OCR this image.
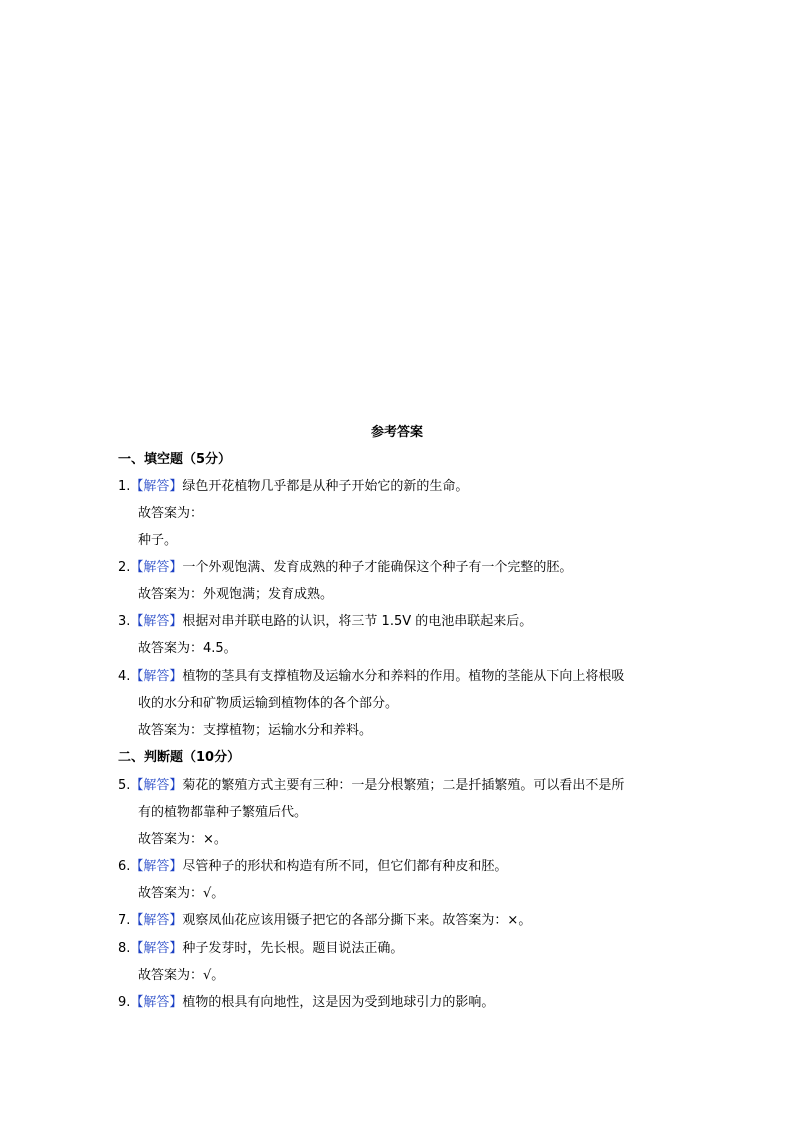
参考答案
一、填空题（5分）
1.【解答】绿色开花植物几乎都是从种子开始它的新的生命。
故答案为：
种子。
2.【解答】一个外观饱满、发育成熟的种子才能确保这个种子有一个完整的胚。
故答案为：外观饱满；发育成熟。
3.【解答】根据对串并联电路的认识，将三节 1.5V 的电池串联起来后。
故答案为：4.5。
4.【解答】植物的茎具有支撑植物及运输水分和养料的作用。植物的茎能从下向上将根吸
收的水分和矿物质运输到植物体的各个部分。
故答案为：支撑植物；运输水分和养料。
二、判断题（10分）
5.【解答】菊花的繁殖方式主要有三种：一是分根繁殖；二是扦插繁殖。可以看出不是所
有的植物都靠种子繁殖后代。
故答案为：×。
6.【解答】尽管种子的形状和构造有所不同，但它们都有种皮和胚。
故答案为：√。
7.【解答】观察凤仙花应该用镊子把它的各部分撕下来。故答案为：×。
8.【解答】种子发芽时，先长根。题目说法正确。
故答案为：√。
9.【解答】植物的根具有向地性，这是因为受到地球引力的影响。
